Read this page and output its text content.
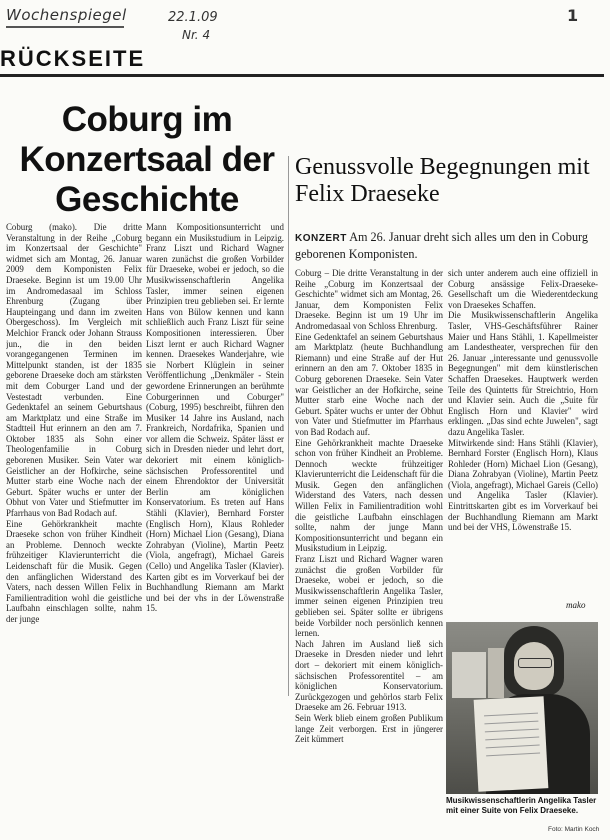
Wochenspiegel	22.1.09
Nr. 4
1
RÜCKSEITE
Coburg im Konzertsaal der Geschichte
Coburg (mako). Die dritte Veranstaltung in der Reihe „Coburg im Konzertsaal der Geschichte" widmet sich am Montag, 26. Januar 2009 dem Komponisten Felix Draeseke. Beginn ist um 19.00 Uhr im Andromedasaal im Schloss Ehrenburg (Zugang über Haupteingang und dann im zweiten Obergeschoss). Im Vergleich mit Melchior Franck oder Johann Strauss jun., die in den beiden vorangegangenen Terminen im Mittelpunkt standen, ist der 1835 geborene Draeseke doch am stärksten mit dem Coburger Land und der Vestestadt verbunden. Eine Gedenktafel an seinem Geburtshaus am Marktplatz und eine Straße im Stadtteil Hut erinnern an den am 7. Oktober 1835 als Sohn einer Theologenfamilie in Coburg geborenen Musiker. Sein Vater war Geistlicher an der Hofkirche, seine Mutter starb eine Woche nach der Geburt. Später wuchs er unter der Obhut von Vater und Stiefmutter im Pfarrhaus von Bad Rodach auf.
Eine Gehörkrankheit machte Draeseke schon von früher Kindheit an Probleme. Dennoch weckte frühzeitiger Klavierunterricht die Leidenschaft für die Musik. Gegen den anfänglichen Widerstand des Vaters, nach dessen Willen Felix in Familientradition wohl die geistliche Laufbahn einschlagen sollte, nahm der junge
Mann Kompositionsunterricht und begann ein Musikstudium in Leipzig. Franz Liszt und Richard Wagner waren zunächst die großen Vorbilder für Draeseke, wobei er jedoch, so die Musikwissenschaftlerin Angelika Tasler, immer seinen eigenen Prinzipien treu geblieben sei. Er lernte Hans von Bülow kennen und kann schließlich auch Franz Liszt für seine Kompositionen interessieren. Über Liszt lernt er auch Richard Wagner kennen. Draesekes Wanderjahre, wie sie Norbert Klüglein in seiner Veröffentlichung „Denkmäler - Stein gewordene Erinnerungen an berühmte Coburgerinnen und Coburger" (Coburg, 1995) beschreibt, führen den Musiker 14 Jahre ins Ausland, nach Frankreich, Nordafrika, Spanien und vor allem die Schweiz. Später lässt er sich in Dresden nieder und lehrt dort, dekoriert mit einem königlich-sächsischen Professorentitel und einem Ehrendoktor der Universität Berlin am königlichen Konservatorium. Es treten auf Hans Stähli (Klavier), Bernhard Forster (Englisch Horn), Klaus Rohleder (Horn) Michael Lion (Gesang), Diana Zohrabyan (Violine), Martin Peetz (Viola, angefragt), Michael Gareis (Cello) und Angelika Tasler (Klavier). Karten gibt es im Vorverkauf bei der Buchhandlung Riemann am Markt und bei der vhs in der Löwenstraße 15.
Genussvolle Begegnungen mit Felix Draeseke
KONZERT Am 26. Januar dreht sich alles um den in Coburg geborenen Komponisten.
Coburg – Die dritte Veranstaltung in der Reihe „Coburg im Konzertsaal der Geschichte" widmet sich am Montag, 26. Januar, dem Komponisten Felix Draeseke. Beginn ist um 19 Uhr im Andromedasaal von Schloss Ehrenburg.
Eine Gedenktafel an seinem Geburtshaus am Marktplatz (heute Buchhandlung Riemann) und eine Straße auf der Hut erinnern an den am 7. Oktober 1835 in Coburg geborenen Draeseke. Sein Vater war Geistlicher an der Hofkirche, seine Mutter starb eine Woche nach der Geburt. Später wuchs er unter der Obhut von Vater und Stiefmutter im Pfarrhaus von Bad Rodach auf.
Eine Gehörkrankheit machte Draeseke schon von früher Kindheit an Probleme. Dennoch weckte frühzeitiger Klavierunterricht die Leidenschaft für die Musik. Gegen den anfänglichen Widerstand des Vaters, nach dessen Willen Felix in Familientradition wohl die geistliche Laufbahn einschlagen sollte, nahm der junge Mann Kompositionsunterricht und begann ein Musikstudium in Leipzig.
Franz Liszt und Richard Wagner waren zunächst die großen Vorbilder für Draeseke, wobei er jedoch, so die Musikwissenschaftlerin Angelika Tasler, immer seinen eigenen Prinzipien treu geblieben sei. Später sollte er übrigens beide Vorbilder noch persönlich kennen lernen.
Nach Jahren im Ausland ließ sich Draeseke in Dresden nieder und lehrt dort – dekoriert mit einem königlich-sächsischen Professorentitel – am königlichen Konservatorium. Zurückgezogen und gehörlos starb Felix Draeseke am 26. Februar 1913.
Sein Werk blieb einem großen Publikum lange Zeit verborgen. Erst in jüngerer Zeit kümmert
sich unter anderem auch eine offiziell in Coburg ansässige Felix-Draeseke-Gesellschaft um die Wiederentdeckung von Draesekes Schaffen.
Die Musikwissenschaftlerin Angelika Tasler, VHS-Geschäftsführer Rainer Maier und Hans Stähli, 1. Kapellmeister am Landestheater, versprechen für den 26. Januar „interessante und genussvolle Begegnungen" mit dem künstlerischen Schaffen Draesekes. Hauptwerk werden Teile des Quintetts für Streichtrio, Horn und Klavier sein. Auch die „Suite für Englisch Horn und Klavier" wird erklingen. „Das sind echte Juwelen", sagt dazu Angelika Tasler.
Mitwirkende sind: Hans Stähli (Klavier), Bernhard Forster (Englisch Horn), Klaus Rohleder (Horn) Michael Lion (Gesang), Diana Zohrabyan (Violine), Martin Peetz (Viola, angefragt), Michael Gareis (Cello) und Angelika Tasler (Klavier). Eintrittskarten gibt es im Vorverkauf bei der Buchhandlung Riemann am Markt und bei der VHS, Löwenstraße 15.
mako
Musikwissenschaftlerin Angelika Tasler mit einer Suite von Felix Draeseke.
Foto: Martin Koch
